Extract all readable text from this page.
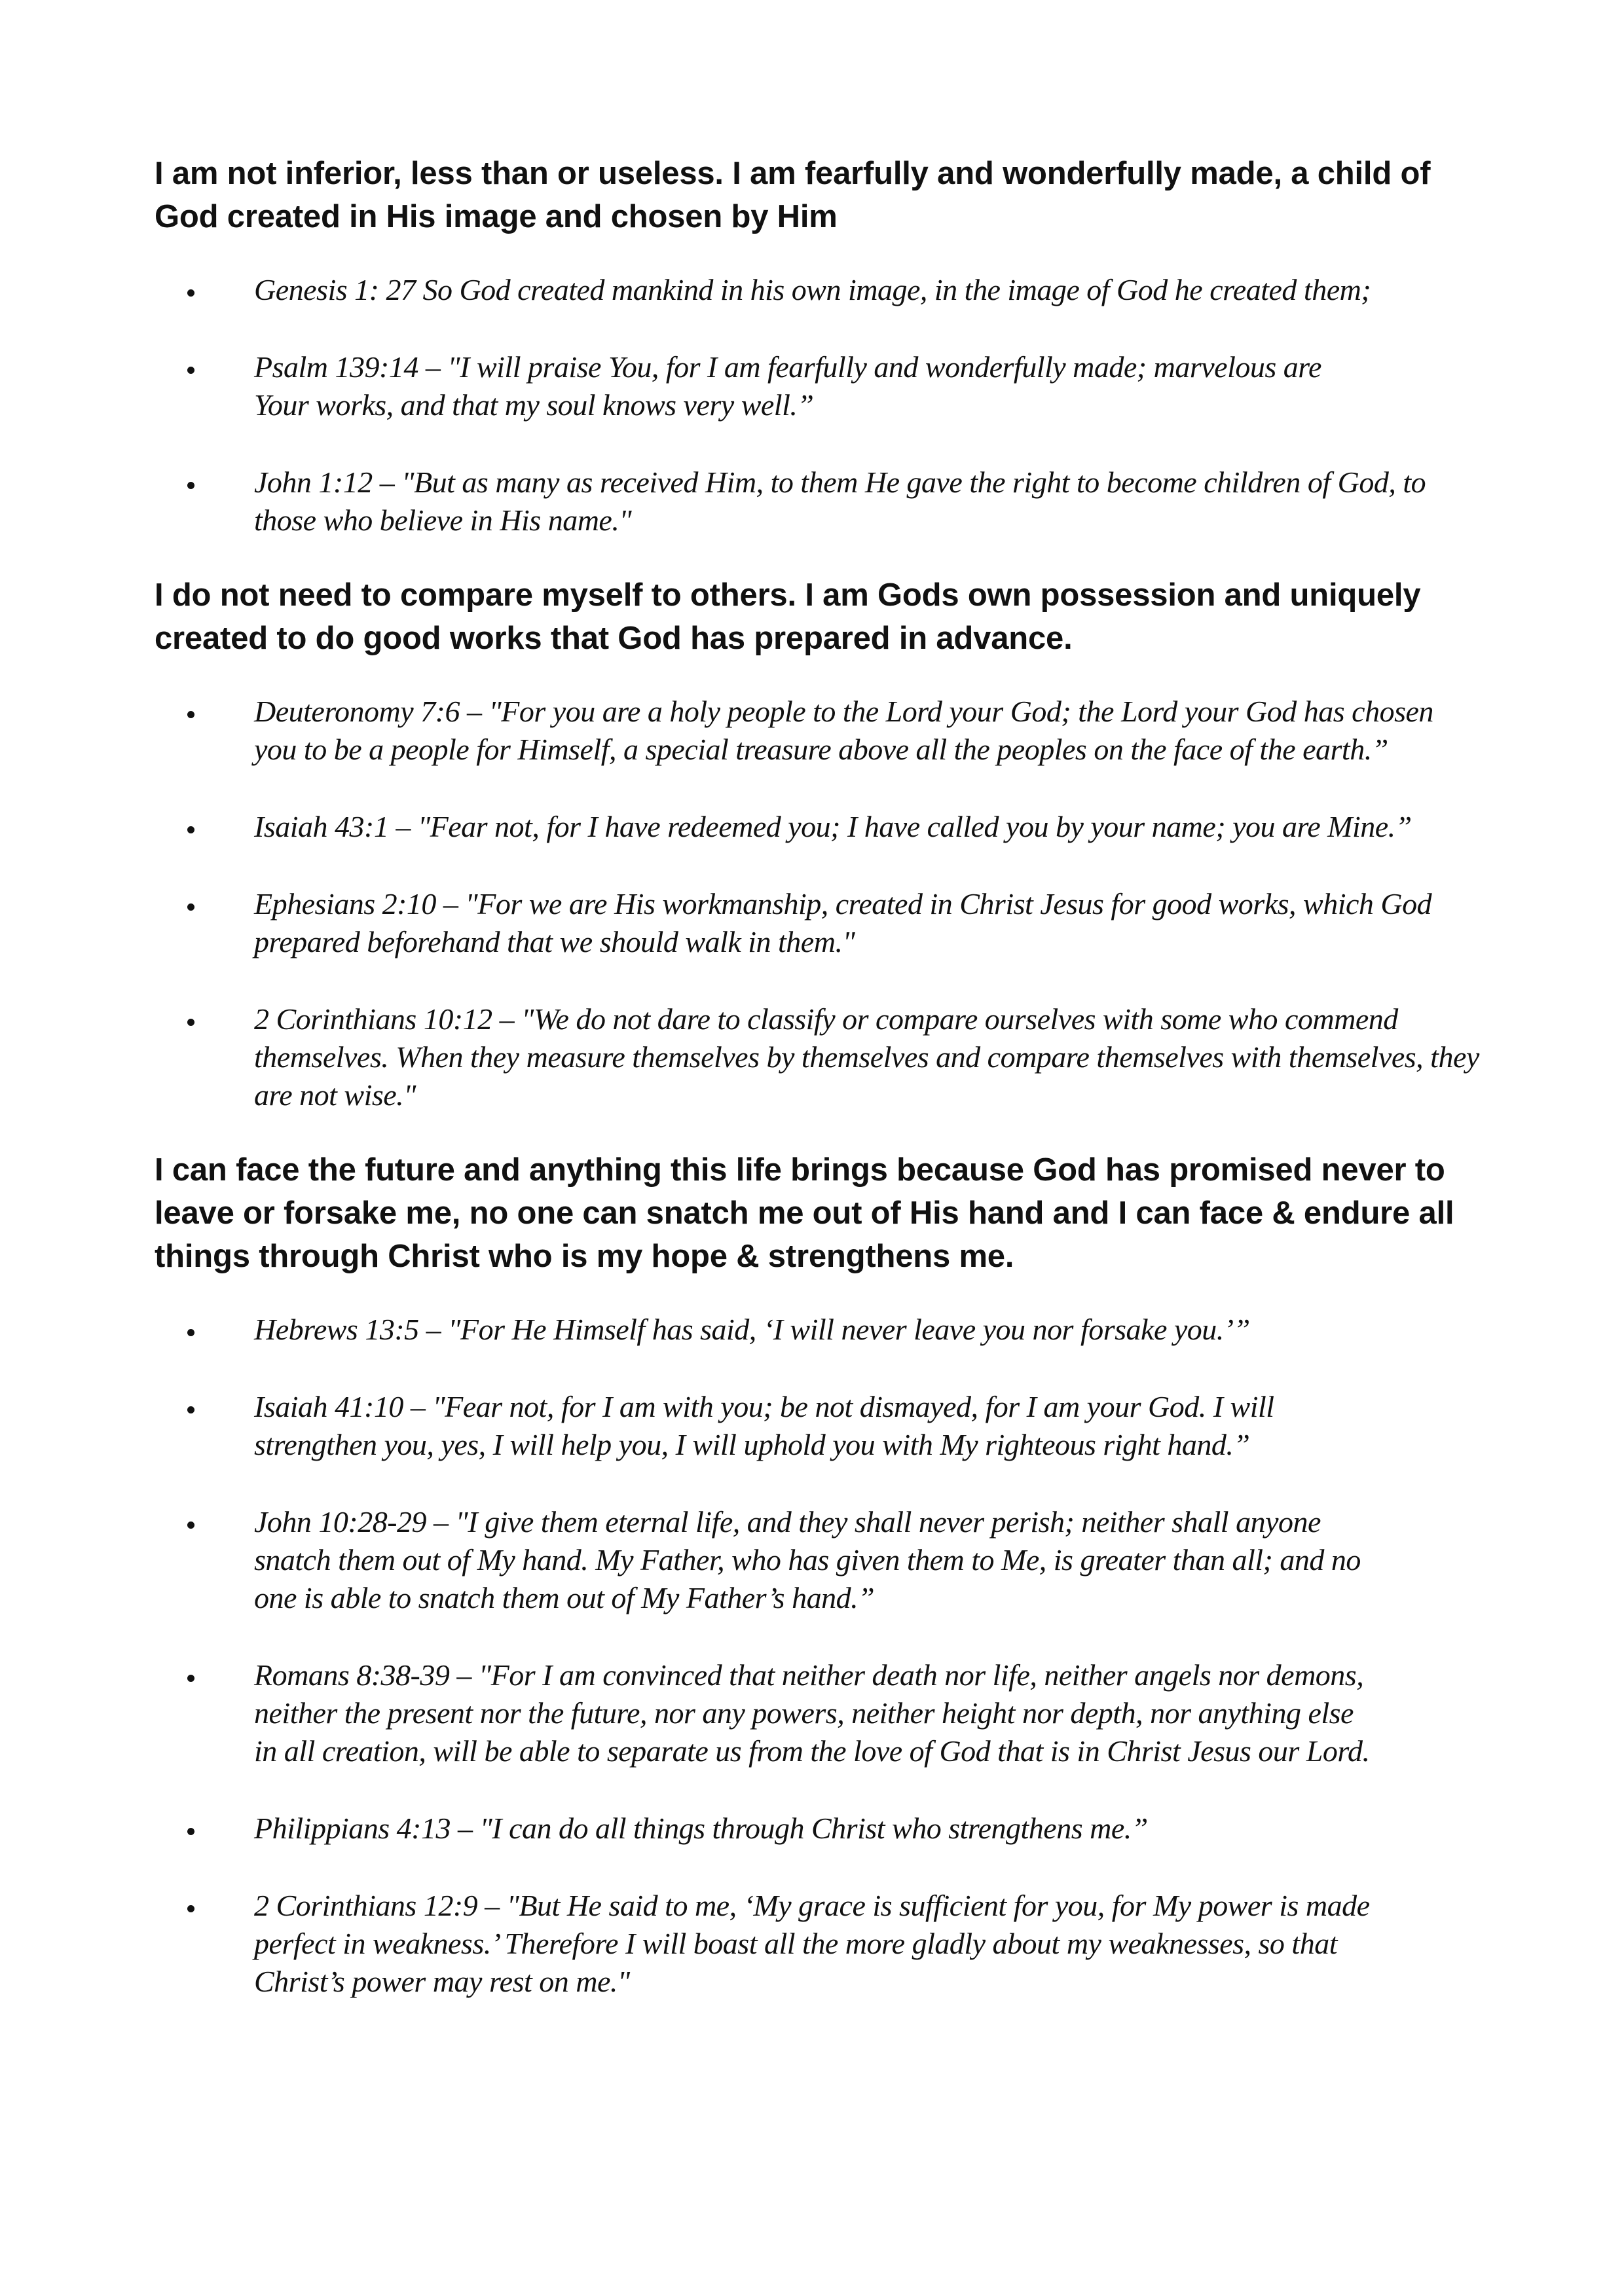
I am not inferior, less than or useless. I am fearfully and wonderfully made, a child of God created in His image and chosen by Him
Genesis 1: 27 So God created mankind in his own image, in the image of God he created them;
Psalm 139:14 – "I will praise You, for I am fearfully and wonderfully made; marvelous are Your works, and that my soul knows very well.”
John 1:12 – "But as many as received Him, to them He gave the right to become children of God, to those who believe in His name."
I do not need to compare myself to others. I am Gods own possession and uniquely created to do good works that God has prepared in advance.
Deuteronomy 7:6 – "For you are a holy people to the Lord your God; the Lord your God has chosen you to be a people for Himself, a special treasure above all the peoples on the face of the earth.”
Isaiah 43:1 – "Fear not, for I have redeemed you; I have called you by your name; you are Mine.”
Ephesians 2:10 – "For we are His workmanship, created in Christ Jesus for good works, which God prepared beforehand that we should walk in them."
2 Corinthians 10:12 – "We do not dare to classify or compare ourselves with some who commend themselves. When they measure themselves by themselves and compare themselves with themselves, they are not wise."
I can face the future and anything this life brings because God has promised never to leave or forsake me, no one can snatch me out of His hand and I can face & endure all things through Christ who is my hope & strengthens me.
Hebrews 13:5 – "For He Himself has said, ‘I will never leave you nor forsake you.’”
Isaiah 41:10 – "Fear not, for I am with you; be not dismayed, for I am your God. I will strengthen you, yes, I will help you, I will uphold you with My righteous right hand.”
John 10:28-29 – "I give them eternal life, and they shall never perish; neither shall anyone snatch them out of My hand. My Father, who has given them to Me, is greater than all; and no one is able to snatch them out of My Father’s hand.”
Romans 8:38-39 – "For I am convinced that neither death nor life, neither angels nor demons, neither the present nor the future, nor any powers, neither height nor depth, nor anything else in all creation, will be able to separate us from the love of God that is in Christ Jesus our Lord.
Philippians 4:13 – "I can do all things through Christ who strengthens me.”
2 Corinthians 12:9 – "But He said to me, ‘My grace is sufficient for you, for My power is made perfect in weakness.’ Therefore I will boast all the more gladly about my weaknesses, so that Christ’s power may rest on me."
